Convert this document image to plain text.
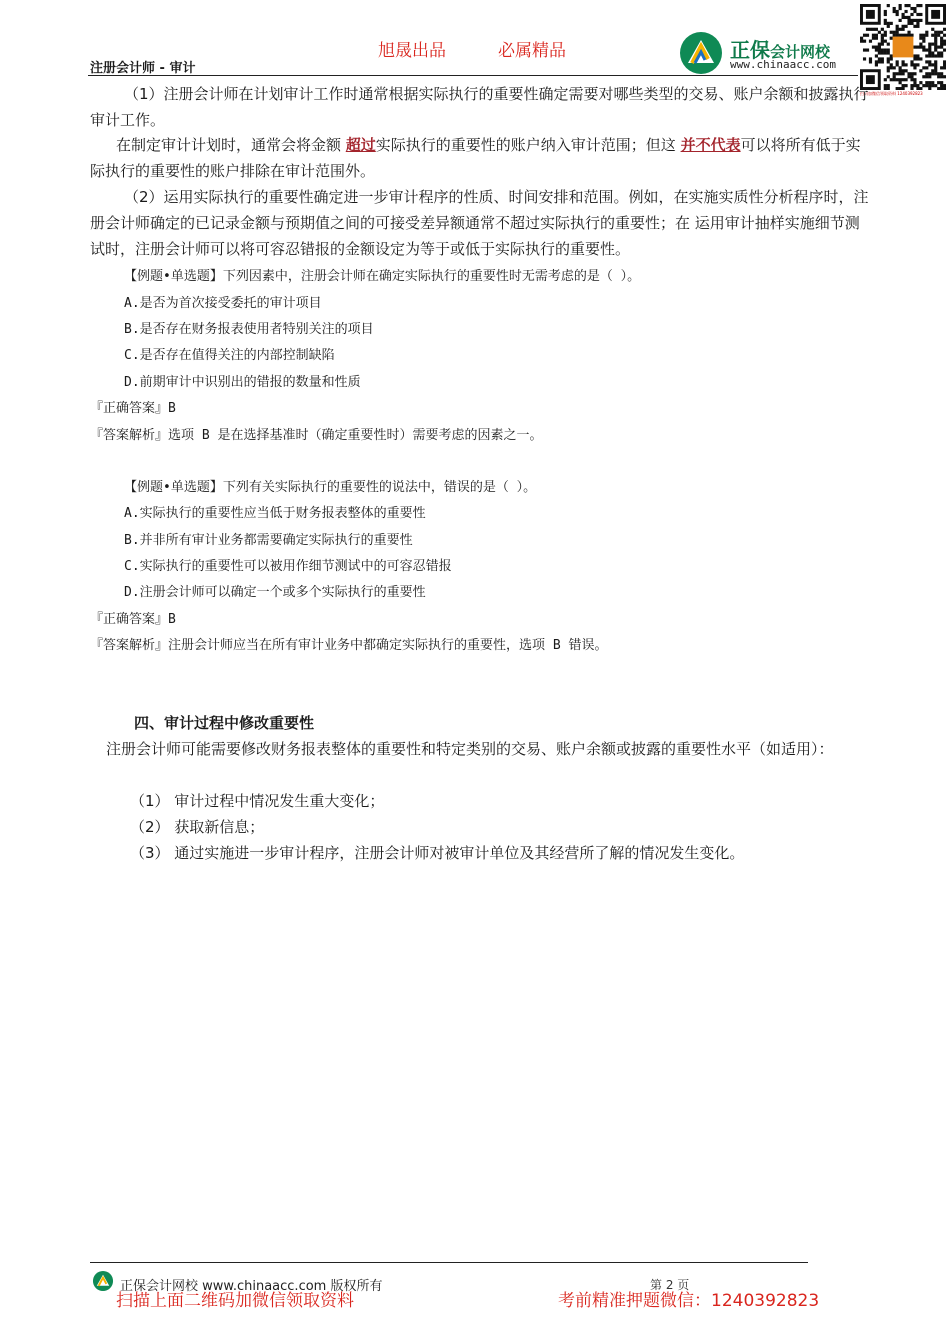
旭晟出品	必属精品
注册会计师 - 审计
正保会计网校
www.chinaacc.com
扫码加微信领取资料 1240392823
（1）注册会计师在计划审计工作时通常根据实际执行的重要性确定需要对哪些类型的交易、账户余额和披露执行审计工作。
在制定审计计划时，通常会将金额 超过实际执行的重要性的账户纳入审计范围；但这 并不代表可以将所有低于实际执行的重要性的账户排除在审计范围外。
（2）运用实际执行的重要性确定进一步审计程序的性质、时间安排和范围。例如，在实施实质性分析程序时，注册会计师确定的已记录金额与预期值之间的可接受差异额通常不超过实际执行的重要性；在 运用审计抽样实施细节测试时，注册会计师可以将可容忍错报的金额设定为等于或低于实际执行的重要性。
【例题•单选题】下列因素中，注册会计师在确定实际执行的重要性时无需考虑的是（ ）。
A.是否为首次接受委托的审计项目
B.是否存在财务报表使用者特别关注的项目
C.是否存在值得关注的内部控制缺陷
D.前期审计中识别出的错报的数量和性质
『正确答案』B
『答案解析』选项 B 是在选择基准时（确定重要性时）需要考虑的因素之一。
【例题•单选题】下列有关实际执行的重要性的说法中，错误的是（ ）。
A.实际执行的重要性应当低于财务报表整体的重要性
B.并非所有审计业务都需要确定实际执行的重要性
C.实际执行的重要性可以被用作细节测试中的可容忍错报
D.注册会计师可以确定一个或多个实际执行的重要性
『正确答案』B
『答案解析』注册会计师应当在所有审计业务中都确定实际执行的重要性，选项 B 错误。
四、审计过程中修改重要性
注册会计师可能需要修改财务报表整体的重要性和特定类别的交易、账户余额或披露的重要性水平（如适用）：
（1） 审计过程中情况发生重大变化；
（2） 获取新信息；
（3） 通过实施进一步审计程序，注册会计师对被审计单位及其经营所了解的情况发生变化。
正保会计网校 www.chinaacc.com 版权所有	第 2 页
扫描上面二维码加微信领取资料	考前精准押题微信：1240392823
